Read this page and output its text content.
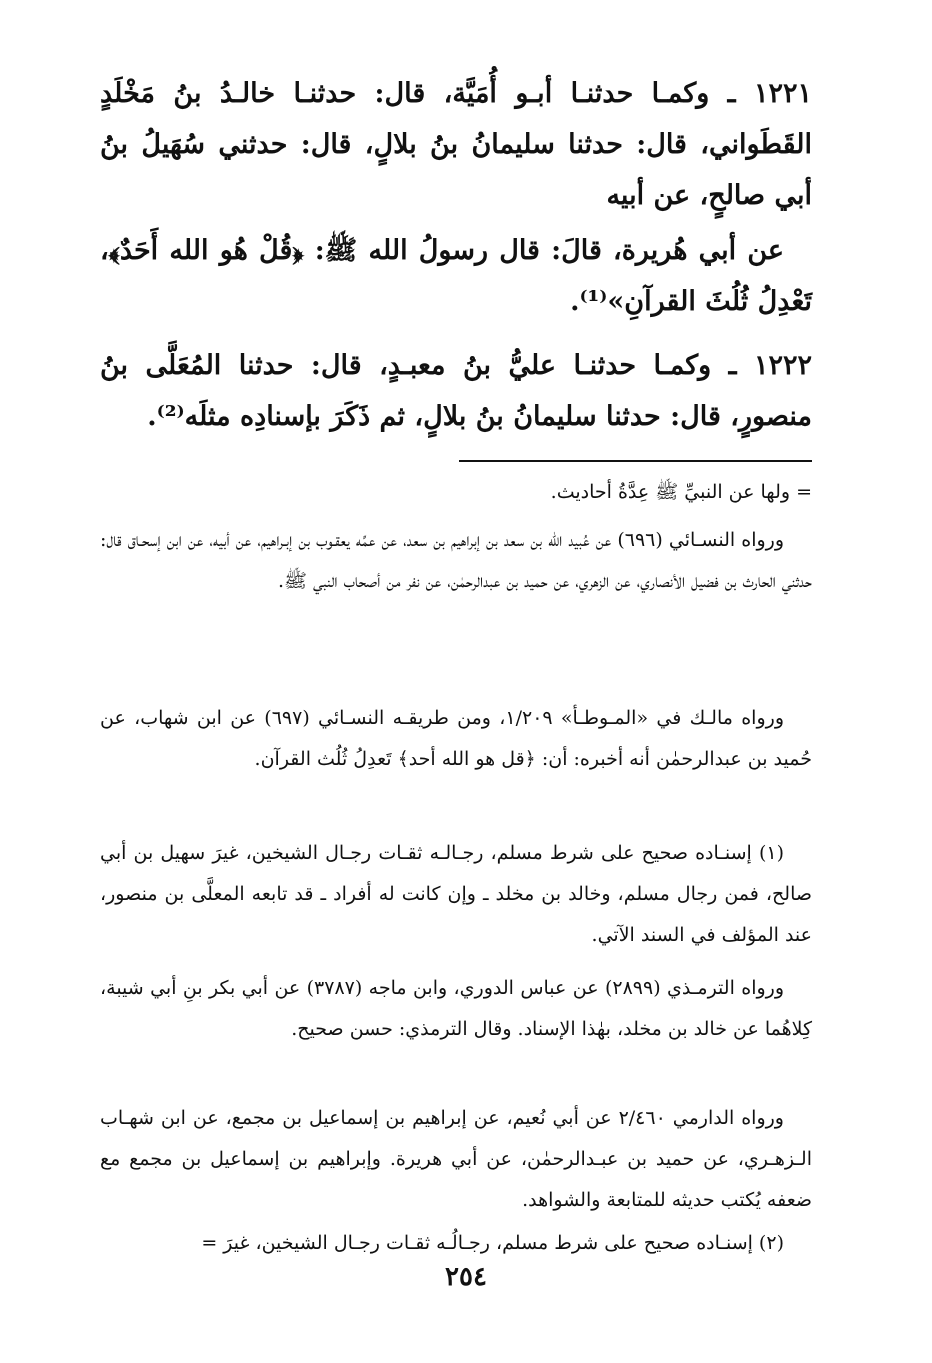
١٢٢١ ـ وكمـا حدثنـا أبـو أُمَيَّة، قال: حدثنـا خالـدُ بنُ مَخْلَدٍ القَطَواني، قال: حدثنا سليمانُ بنُ بلالٍ، قال: حدثني سُهَيلُ بنُ أبي صالحٍ، عن أبيه

عن أبي هُريرة، قالَ: قال رسولُ الله ﷺ: ﴿قُلْ هُو الله أَحَدٌ﴾، تَعْدِلُ ثُلُثَ القرآنِ»⁽¹⁾.

١٢٢٢ ـ وكمـا حدثنـا عليُّ بنُ معبـدٍ، قال: حدثنا المُعَلَّى بنُ منصورٍ، قال: حدثنا سليمانُ بنُ بلالٍ، ثم ذَكَرَ بإسنادِه مثلَه⁽²⁾.

= ولها عن النبيِّ ﷺ عِدَّةُ أحاديث.

ورواه النسـائي (٦٩٦) عن عُبيد الله بن سعد بن إبراهيم بن سعد، عن عمِّه يعقـوب بن إبـراهيم، عن أبيه، عن ابن إسحـاق قال: حدثني الحارث بن فضيل الأنصاري، عن الزهري، عن حميد بن عبدالرحمٰن، عن نفر من أصحاب النبي ﷺ.

ورواه مالـك في «المـوطـأ» ١/٢٠٩، ومن طريقـه النسـائي (٦٩٧) عن ابن شهاب، عن حُميد بن عبدالرحمٰن أنه أخبره: أن: ﴿قل هو الله أحد﴾ تَعدِلُ ثُلُث القرآن.

(١) إسنـاده صحيح على شرط مسلم، رجـالـه ثقـات رجـال الشيخين، غيرَ سهيل بن أبي صالح، فمن رجال مسلم، وخالد بن مخلد ـ وإن كانت له أفراد ـ قد تابعه المعلَّى بن منصور، عند المؤلف في السند الآتي.

ورواه الترمـذي (٢٨٩٩) عن عباس الدوري، وابن ماجه (٣٧٨٧) عن أبي بكر بنِ أبي شيبة، كِلاهُما عن خالد بن مخلد، بهٰذا الإسناد. وقال الترمذي: حسن صحيح.

ورواه الدارمي ٢/٤٦٠ عن أبي نُعيم، عن إبراهيم بن إسماعيل بن مجمع، عن ابن شهـاب الـزهـري، عن حميد بن عبـدالرحمٰن، عن أبي هريرة. وإبراهيم بن إسماعيل بن مجمع مع ضعفه يُكتب حديثه للمتابعة والشواهد.

(٢) إسنـاده صحيح على شرط مسلم، رجـالُـه ثقـات رجـال الشيخين، غيرَ =

٢٥٤
